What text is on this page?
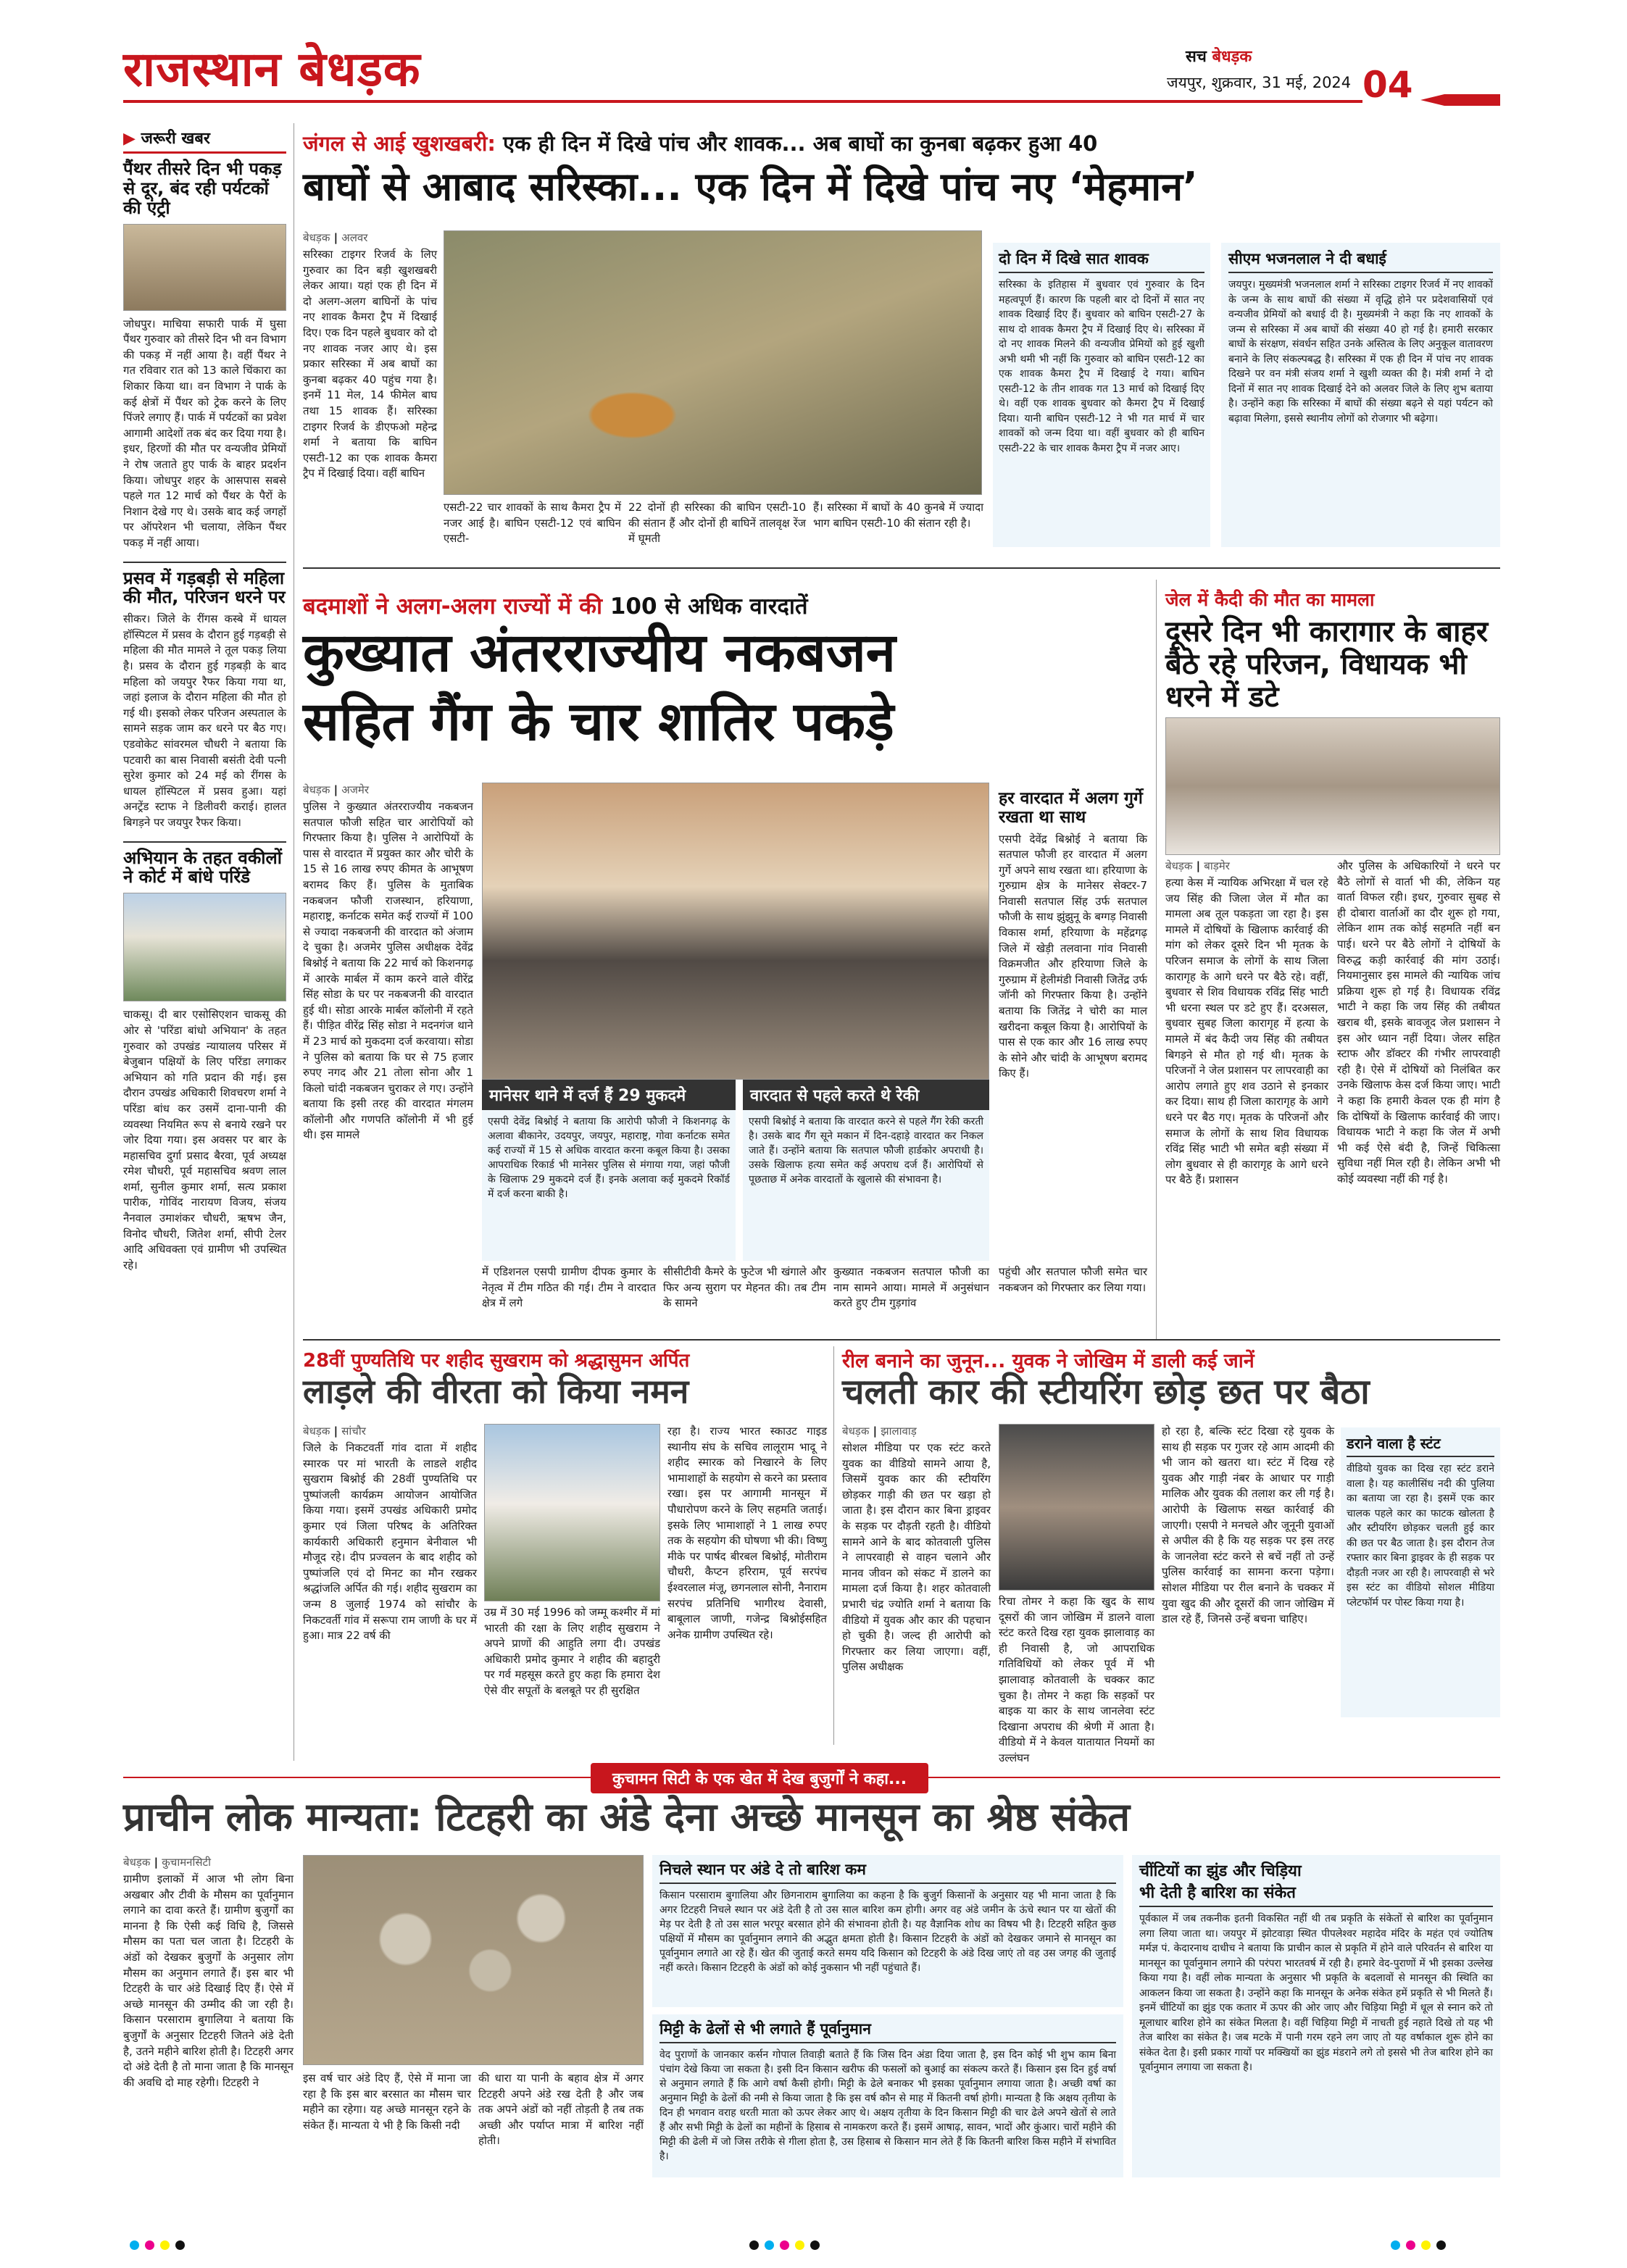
राजस्थान बेधड़क	सच बेधड़क
जयपुर, शुक्रवार, 31 मई, 2024 04
▶ जरूरी खबर
पैंथर तीसरे दिन भी पकड़ से दूर, बंद रही पर्यटकों की एंट्री
जोधपुर। माचिया सफारी पार्क में घुसा पैंथर गुरुवार को तीसरे दिन भी वन विभाग की पकड़ में नहीं आया है। वहीं पैंथर ने गत रविवार रात को 13 काले चिंकारा का शिकार किया था। वन विभाग ने पार्क के कई क्षेत्रों में पैंथर को ट्रेक करने के लिए पिंजरे लगाए हैं। पार्क में पर्यटकों का प्रवेश आगामी आदेशों तक बंद कर दिया गया है। इधर, हिरणों की मौत पर वन्यजीव प्रेमियों ने रोष जताते हुए पार्क के बाहर प्रदर्शन किया। जोधपुर शहर के आसपास सबसे पहले गत 12 मार्च को पैंथर के पैरों के निशान देखे गए थे। उसके बाद कई जगहों पर ऑपरेशन भी चलाया, लेकिन पैंथर पकड़ में नहीं आया।
प्रसव में गड़बड़ी से महिला की मौत, परिजन धरने पर
सीकर। जिले के रींगस कस्बे में धायल हॉस्पिटल में प्रसव के दौरान हुई गड़बड़ी से महिला की मौत मामले ने तूल पकड़ लिया है। प्रसव के दौरान हुई गड़बड़ी के बाद महिला को जयपुर रैफर किया गया था, जहां इलाज के दौरान महिला की मौत हो गई थी। इसको लेकर परिजन अस्पताल के सामने सड़क जाम कर धरने पर बैठ गए। एडवोकेट सांवरमल चौधरी ने बताया कि पटवारी का बास निवासी बसंती देवी पत्नी सुरेश कुमार को 24 मई को रींगस के धायल हॉस्पिटल में प्रसव हुआ। यहां अनट्रेंड स्टाफ ने डिलीवरी कराई। हालत बिगड़ने पर जयपुर रैफर किया।
अभियान के तहत वकीलों ने कोर्ट में बांधे परिंडे
चाकसू। दी बार एसोसिएशन चाकसू की ओर से 'परिंडा बांधो अभियान' के तहत गुरुवार को उपखंड न्यायालय परिसर में बेजुबान पक्षियों के लिए परिंडा लगाकर अभियान को गति प्रदान की गई। इस दौरान उपखंड अधिकारी शिवचरण शर्मा ने परिंडा बांध कर उसमें दाना-पानी की व्यवस्था नियमित रूप से बनाये रखने पर जोर दिया गया। इस अवसर पर बार के महासचिव दुर्गा प्रसाद बैरवा, पूर्व अध्यक्ष रमेश चौधरी, पूर्व महासचिव श्रवण लाल शर्मा, सुनील कुमार शर्मा, सत्य प्रकाश पारीक, गोविंद नारायण विजय, संजय नैनवाल उमाशंकर चौधरी, ऋषभ जैन, विनोद चौधरी, जितेश शर्मा, सीपी टेलर आदि अधिवक्ता एवं ग्रामीण भी उपस्थित रहे।
जंगल से आई खुशखबरी: एक ही दिन में दिखे पांच और शावक... अब बाघों का कुनबा बढ़कर हुआ 40
बाघों से आबाद सरिस्का... एक दिन में दिखे पांच नए ‘मेहमान’
बेधड़क | अलवर
सरिस्का टाइगर रिजर्व के लिए गुरुवार का दिन बड़ी खुशखबरी लेकर आया। यहां एक ही दिन में दो अलग-अलग बाघिनों के पांच नए शावक कैमरा ट्रैप में दिखाई दिए। एक दिन पहले बुधवार को दो नए शावक नजर आए थे। इस प्रकार सरिस्का में अब बाघों का कुनबा बढ़कर 40 पहुंच गया है। इनमें 11 मेल, 14 फीमेल बाघ तथा 15 शावक हैं। सरिस्का टाइगर रिजर्व के डीएफओ महेन्द्र शर्मा ने बताया कि बाघिन एसटी-12 का एक शावक कैमरा ट्रैप में दिखाई दिया। वहीं बाघिन
एसटी-22 चार शावकों के साथ कैमरा ट्रैप में नजर आई है। बाघिन एसटी-12 एवं बाघिन एसटी-
22 दोनों ही सरिस्का की बाघिन एसटी-10 की संतान हैं और दोनों ही बाघिनें तालवृक्ष रेंज में घूमती
हैं। सरिस्का में बाघों के 40 कुनबे में ज्यादा भाग बाघिन एसटी-10 की संतान रही है।
दो दिन में दिखे सात शावक
सरिस्का के इतिहास में बुधवार एवं गुरुवार के दिन महत्वपूर्ण हैं। कारण कि पहली बार दो दिनों में सात नए शावक दिखाई दिए हैं। बुधवार को बाघिन एसटी-27 के साथ दो शावक कैमरा ट्रैप में दिखाई दिए थे। सरिस्का में दो नए शावक मिलने की वन्यजीव प्रेमियों को हुई खुशी अभी थमी भी नहीं कि गुरुवार को बाघिन एसटी-12 का एक शावक कैमरा ट्रैप में दिखाई दे गया। बाघिन एसटी-12 के तीन शावक गत 13 मार्च को दिखाई दिए थे। वहीं एक शावक बुधवार को कैमरा ट्रैप में दिखाई दिया। यानी बाघिन एसटी-12 ने भी गत मार्च में चार शावकों को जन्म दिया था। वहीं बुधवार को ही बाघिन एसटी-22 के चार शावक कैमरा ट्रैप में नजर आए।
सीएम भजनलाल ने दी बधाई
जयपुर। मुख्यमंत्री भजनलाल शर्मा ने सरिस्का टाइगर रिजर्व में नए शावकों के जन्म के साथ बाघों की संख्या में वृद्धि होने पर प्रदेशवासियों एवं वन्यजीव प्रेमियों को बधाई दी है। मुख्यमंत्री ने कहा कि नए शावकों के जन्म से सरिस्का में अब बाघों की संख्या 40 हो गई है। हमारी सरकार बाघों के संरक्षण, संवर्धन सहित उनके अस्तित्व के लिए अनुकूल वातावरण बनाने के लिए संकल्पबद्ध है। सरिस्का में एक ही दिन में पांच नए शावक दिखने पर वन मंत्री संजय शर्मा ने खुशी व्यक्त की है। मंत्री शर्मा ने दो दिनों में सात नए शावक दिखाई देने को अलवर जिले के लिए शुभ बताया है। उन्होंने कहा कि सरिस्का में बाघों की संख्या बढ़ने से यहां पर्यटन को बढ़ावा मिलेगा, इससे स्थानीय लोगों को रोजगार भी बढ़ेगा।
बदमाशों ने अलग-अलग राज्यों में की 100 से अधिक वारदातें
कुख्यात अंतरराज्यीय नकबजन
सहित गैंग के चार शातिर पकड़े
बेधड़क | अजमेर
पुलिस ने कुख्यात अंतरराज्यीय नकबजन सतपाल फौजी सहित चार आरोपियों को गिरफ्तार किया है। पुलिस ने आरोपियों के पास से वारदात में प्रयुक्त कार और चोरी के 15 से 16 लाख रुपए कीमत के आभूषण बरामद किए हैं। पुलिस के मुताबिक नकबजन फौजी राजस्थान, हरियाणा, महाराष्ट्र, कर्नाटक समेत कई राज्यों में 100 से ज्यादा नकबजनी की वारदात को अंजाम दे चुका है। अजमेर पुलिस अधीक्षक देवेंद्र बिश्नोई ने बताया कि 22 मार्च को किशनगढ़ में आरके मार्बल में काम करने वाले वीरेंद्र सिंह सोडा के घर पर नकबजनी की वारदात हुई थी। सोडा आरके मार्बल कॉलोनी में रहते हैं। पीड़ित वीरेंद्र सिंह सोडा ने मदनगंज थाने में 23 मार्च को मुकदमा दर्ज करवाया। सोडा ने पुलिस को बताया कि घर से 75 हजार रुपए नगद और 21 तोला सोना और 1 किलो चांदी नकबजन चुराकर ले गए। उन्होंने बताया कि इसी तरह की वारदात मंगलम कॉलोनी और गणपति कॉलोनी में भी हुई थी। इस मामले
हर वारदात में अलग गुर्गे रखता था साथ
एसपी देवेंद्र बिश्नोई ने बताया कि सतपाल फौजी हर वारदात में अलग गुर्गे अपने साथ रखता था। हरियाणा के गुरुग्राम क्षेत्र के मानेसर सेक्टर-7 निवासी सतपाल सिंह उर्फ सतपाल फौजी के साथ झुंझुनू के बग्गड़ निवासी विकास शर्मा, हरियाणा के महेंद्रगढ़ जिले में खेड़ी तलवाना गांव निवासी विक्रमजीत और हरियाणा जिले के गुरुग्राम में हेलीमंडी निवासी जितेंद्र उर्फ जॉनी को गिरफ्तार किया है। उन्होंने बताया कि जितेंद्र ने चोरी का माल खरीदना कबूल किया है। आरोपियों के पास से एक कार और 16 लाख रुपए के सोने और चांदी के आभूषण बरामद किए हैं।
मानेसर थाने में दर्ज हैं 29 मुकदमे
एसपी देवेंद्र बिश्नोई ने बताया कि आरोपी फौजी ने किशनगढ़ के अलावा बीकानेर, उदयपुर, जयपुर, महाराष्ट्र, गोवा कर्नाटक समेत कई राज्यों में 15 से अधिक वारदात करना कबूल किया है। उसका आपराधिक रिकार्ड भी मानेसर पुलिस से मंगाया गया, जहां फौजी के खिलाफ 29 मुकदमे दर्ज हैं। इनके अलावा कई मुकदमे रिकॉर्ड में दर्ज करना बाकी है।
वारदात से पहले करते थे रेकी
एसपी बिश्नोई ने बताया कि वारदात करने से पहले गैंग रेकी करती है। उसके बाद गैंग सूने मकान में दिन-दहाड़े वारदात कर निकल जाते हैं। उन्होंने बताया कि सतपाल फौजी हार्डकोर अपराधी है। उसके खिलाफ हत्या समेत कई अपराध दर्ज हैं। आरोपियों से पूछताछ में अनेक वारदातों के खुलासे की संभावना है।
में एडिशनल एसपी ग्रामीण दीपक कुमार के नेतृत्व में टीम गठित की गई। टीम ने वारदात क्षेत्र में लगे
सीसीटीवी कैमरे के फुटेज भी खंगाले और फिर अन्य सुराग पर मेहनत की। तब टीम के सामने
कुख्यात नकबजन सतपाल फौजी का नाम सामने आया। मामले में अनुसंधान करते हुए टीम गुड़गांव
पहुंची और सतपाल फौजी समेत चार नकबजन को गिरफ्तार कर लिया गया।
जेल में कैदी की मौत का मामला
दूसरे दिन भी कारागार के बाहर बैठे रहे परिजन, विधायक भी धरने में डटे
बेधड़क | बाड़मेर
हत्या केस में न्यायिक अभिरक्षा में चल रहे जय सिंह की जिला जेल में मौत का मामला अब तूल पकड़ता जा रहा है। इस मामले में दोषियों के खिलाफ कार्रवाई की मांग को लेकर दूसरे दिन भी मृतक के परिजन समाज के लोगों के साथ जिला कारागृह के आगे धरने पर बैठे रहे। वहीं, बुधवार से शिव विधायक रविंद्र सिंह भाटी भी धरना स्थल पर डटे हुए हैं। दरअसल, बुधवार सुबह जिला कारागृह में हत्या के मामले में बंद कैदी जय सिंह की तबीयत बिगड़ने से मौत हो गई थी। मृतक के परिजनों ने जेल प्रशासन पर लापरवाही का आरोप लगाते हुए शव उठाने से इनकार कर दिया। साथ ही जिला कारागृह के आगे धरने पर बैठ गए। मृतक के परिजनों और समाज के लोगों के साथ शिव विधायक रविंद्र सिंह भाटी भी समेत बड़ी संख्या में लोग बुधवार से ही कारागृह के आगे धरने पर बैठे हैं। प्रशासन
और पुलिस के अधिकारियों ने धरने पर बैठे लोगों से वार्ता भी की, लेकिन यह वार्ता विफल रही। इधर, गुरुवार सुबह से ही दोबारा वार्ताओं का दौर शुरू हो गया, लेकिन शाम तक कोई सहमति नहीं बन पाई। धरने पर बैठे लोगों ने दोषियों के विरुद्ध कड़ी कार्रवाई की मांग उठाई। नियमानुसार इस मामले की न्यायिक जांच प्रक्रिया शुरू हो गई है। विधायक रविंद्र भाटी ने कहा कि जय सिंह की तबीयत खराब थी, इसके बावजूद जेल प्रशासन ने इस ओर ध्यान नहीं दिया। जेलर सहित स्टाफ और डॉक्टर की गंभीर लापरवाही रही है। ऐसे में दोषियों को निलंबित कर उनके खिलाफ केस दर्ज किया जाए। भाटी ने कहा कि हमारी केवल एक ही मांग है कि दोषियों के खिलाफ कार्रवाई की जाए। विधायक भाटी ने कहा कि जेल में अभी भी कई ऐसे बंदी है, जिन्हें चिकित्सा सुविधा नहीं मिल रही है। लेकिन अभी भी कोई व्यवस्था नहीं की गई है।
28वीं पुण्यतिथि पर शहीद सुखराम को श्रद्धासुमन अर्पित
लाड़ले की वीरता को किया नमन
बेधड़क | सांचौर
जिले के निकटवर्ती गांव दाता में शहीद स्मारक पर मां भारती के लाडले शहीद सुखराम बिश्नोई की 28वीं पुण्यतिथि पर पुष्पांजली कार्यक्रम आयोजन आयोजित किया गया। इसमें उपखंड अधिकारी प्रमोद कुमार एवं जिला परिषद के अतिरिक्त कार्यकारी अधिकारी हनुमान बेनीवाल भी मौजूद रहे। दीप प्रज्वलन के बाद शहीद को पुष्पांजलि एवं दो मिनट का मौन रखकर श्रद्धांजलि अर्पित की गई। शहीद सुखराम का जन्म 8 जुलाई 1974 को सांचौर के निकटवर्ती गांव में सरूपा राम जाणी के घर में हुआ। मात्र 22 वर्ष की
उम्र में 30 मई 1996 को जम्मू कश्मीर में मां भारती की रक्षा के लिए शहीद सुखराम ने अपने प्राणों की आहुति लगा दी। उपखंड अधिकारी प्रमोद कुमार ने शहीद की बहादुरी पर गर्व महसूस करते हुए कहा कि हमारा देश ऐसे वीर सपूतों के बलबूते पर ही सुरक्षित
रहा है। राज्य भारत स्काउट गाइड स्थानीय संघ के सचिव लालूराम भादू ने शहीद स्मारक को निखारने के लिए भामाशाहों के सहयोग से करने का प्रस्ताव रखा। इस पर आगामी मानसून में पौधारोपण करने के लिए सहमति जताई। इसके लिए भामाशाहों ने 1 लाख रुपए तक के सहयोग की घोषणा भी की। विष्णु मीके पर पार्षद बीरबल बिश्नोई, मोतीराम चौधरी, कैप्टन हरिराम, पूर्व सरपंच ईश्वरलाल मंजू, छगनलाल सोनी, नैनाराम सरपंच प्रतिनिधि भागीरथ देवासी, बाबूलाल जाणी, गजेन्द्र बिश्नोईसहित अनेक ग्रामीण उपस्थित रहे।
रील बनाने का जुनून... युवक ने जोखिम में डाली कई जानें
चलती कार की स्टीयरिंग छोड़ छत पर बैठा
बेधड़क | झालावाड़
सोशल मीडिया पर एक स्टंट करते युवक का वीडियो सामने आया है, जिसमें युवक कार की स्टीयरिंग छोड़कर गाड़ी की छत पर खड़ा हो जाता है। इस दौरान कार बिना ड्राइवर के सड़क पर दौड़ती रहती है। वीडियो सामने आने के बाद कोतवाली पुलिस ने लापरवाही से वाहन चलाने और मानव जीवन को संकट में डालने का मामला दर्ज किया है। शहर कोतवाली प्रभारी चंद्र ज्योति शर्मा ने बताया कि वीडियो में युवक और कार की पहचान हो चुकी है। जल्द ही आरोपी को गिरफ्तार कर लिया जाएगा। वहीं, पुलिस अधीक्षक
रिचा तोमर ने कहा कि खुद के साथ दूसरों की जान जोखिम में डालने वाला स्टंट करते दिख रहा युवक झालावाड़ का ही निवासी है, जो आपराधिक गतिविधियों को लेकर पूर्व में भी झालावाड़ कोतवाली के चक्कर काट चुका है। तोमर ने कहा कि सड़कों पर बाइक या कार के साथ जानलेवा स्टंट दिखाना अपराध की श्रेणी में आता है। वीडियो में ने केवल यातायात नियमों का उल्लंघन
हो रहा है, बल्कि स्टंट दिखा रहे युवक के साथ ही सड़क पर गुजर रहे आम आदमी की भी जान को खतरा था। स्टंट में दिख रहे युवक और गाड़ी नंबर के आधार पर गाड़ी मालिक और युवक की तलाश कर ली गई है। आरोपी के खिलाफ सख्त कार्रवाई की जाएगी। एसपी ने मनचले और जूनूनी युवाओं से अपील की है कि यह सड़क पर इस तरह के जानलेवा स्टंट करने से बचें नहीं तो उन्हें पुलिस कार्रवाई का सामना करना पड़ेगा। सोशल मीडिया पर रील बनाने के चक्कर में युवा खुद की और दूसरों की जान जोखिम में डाल रहे हैं, जिनसे उन्हें बचना चाहिए।
डराने वाला है स्टंट
वीडियो युवक का दिख रहा स्टंट डराने वाला है। यह कालीसिंध नदी की पुलिया का बताया जा रहा है। इसमें एक कार चालक पहले कार का फाटक खोलता है और स्टीयरिंग छोड़कर चलती हुई कार की छत पर बैठ जाता है। इस दौरान तेज रफ्तार कार बिना ड्राइवर के ही सड़क पर दौड़ती नजर आ रही है। लापरवाही से भरे इस स्टंट का वीडियो सोशल मीडिया प्लेटफॉर्म पर पोस्ट किया गया है।
कुचामन सिटी के एक खेत में देख बुजुर्गों ने कहा...
प्राचीन लोक मान्यता: टिटहरी का अंडे देना अच्छे मानसून का श्रेष्ठ संकेत
बेधड़क | कुचामनसिटी
ग्रामीण इलाकों में आज भी लोग बिना अखबार और टीवी के मौसम का पूर्वानुमान लगाने का दावा करते हैं। ग्रामीण बुजुर्गों का मानना है कि ऐसी कई विधि है, जिससे मौसम का पता चल जाता है। टिटहरी के अंडों को देखकर बुजुर्गों के अनुसार लोग मौसम का अनुमान लगाते हैं। इस बार भी टिटहरी के चार अंडे दिखाई दिए हैं। ऐसे में अच्छे मानसून की उम्मीद की जा रही है। किसान परसाराम बुगालिया ने बताया कि बुजुर्गों के अनुसार टिटहरी जितने अंडे देती है, उतने महीने बारिश होती है। टिटहरी अगर दो अंडे देती है तो माना जाता है कि मानसून की अवधि दो माह रहेगी। टिटहरी ने	इस वर्ष चार अंडे दिए हैं, ऐसे में माना जा रहा है कि इस बार बरसात का मौसम चार महीने का रहेगा। यह अच्छे मानसून रहने के संकेत हैं। मान्यता ये भी है कि किसी नदी
की धारा या पानी के बहाव क्षेत्र में अगर टिटहरी अपने अंडे रख देती है और जब तक अपने अंडों को नहीं तोड़ती है तब तक अच्छी और पर्याप्त मात्रा में बारिश नहीं होती।
निचले स्थान पर अंडे दे तो बारिश कम
किसान परसाराम बुगालिया और छिगनाराम बुगालिया का कहना है कि बुजुर्ग किसानों के अनुसार यह भी माना जाता है कि अगर टिटहरी निचले स्थान पर अंडे देती है तो उस साल बारिश कम होगी। अगर वह अंडे जमीन के ऊंचे स्थान पर या खेतों की मेड़ पर देती है तो उस साल भरपूर बरसात होने की संभावना होती है। यह वैज्ञानिक शोध का विषय भी है। टिटहरी सहित कुछ पक्षियों में मौसम का पूर्वानुमान लगाने की अद्भुत क्षमता होती है। किसान टिटहरी के अंडों को देखकर जमाने से मानसून का पूर्वानुमान लगाते आ रहे हैं। खेत की जुताई करते समय यदि किसान को टिटहरी के अंडे दिख जाएं तो वह उस जगह की जुताई नहीं करते। किसान टिटहरी के अंडों को कोई नुकसान भी नहीं पहुंचाते हैं।
मिट्टी के ढेलों से भी लगाते हैं पूर्वानुमान
वेद पुराणों के जानकार कर्सन गोपाल तिवाड़ी बताते हैं कि जिस दिन अंडा दिया जाता है, इस दिन कोई भी शुभ काम बिना पंचांग देखे किया जा सकता है। इसी दिन किसान खरीफ की फसलों को बुआई का संकल्प करते हैं। किसान इस दिन हुई वर्षा से अनुमान लगाते हैं कि आगे वर्षा कैसी होगी। मिट्टी के ढेले बनाकर भी इसका पूर्वानुमान लगाया जाता है। अच्छी वर्षा का अनुमान मिट्टी के ढेलों की नमी से किया जाता है कि इस वर्ष कौन से माह में कितनी वर्षा होगी। मान्यता है कि अक्षय तृतीया के दिन ही भगवान वराह धरती माता को ऊपर लेकर आए थे। अक्षय तृतीया के दिन किसान मिट्टी की चार ढेले अपने खेतों से लाते हैं और सभी मिट्टी के ढेलों का महीनों के हिसाब से नामकरण करते हैं। इसमें आषाढ़, सावन, भादों और कुंआर। चारों महीने की मिट्टी की ढेली में जो जिस तरीके से गीला होता है, उस हिसाब से किसान मान लेते हैं कि कितनी बारिश किस महीने में संभावित है।
चींटियों का झुंड और चिड़िया
भी देती है बारिश का संकेत
पूर्वकाल में जब तकनीक इतनी विकसित नहीं थी तब प्रकृति के संकेतों से बारिश का पूर्वानुमान लगा लिया जाता था। जयपुर में झोटवाड़ा स्थित पीपलेश्वर महादेव मंदिर के महंत एवं ज्योतिष मर्मज्ञ पं. केदारनाथ दाधीच ने बताया कि प्राचीन काल से प्रकृति में होने वाले परिवर्तन से बारिश या मानसून का पूर्वानुमान लगाने की परंपरा भारतवर्ष में रही है। हमारे वेद-पुराणों में भी इसका उल्लेख किया गया है। वहीं लोक मान्यता के अनुसार भी प्रकृति के बदलावों से मानसून की स्थिति का आकलन किया जा सकता है। उन्होंने कहा कि मानसून के अनेक संकेत हमें प्रकृति से भी मिलते हैं। इनमें चींटियों का झुंड एक कतार में ऊपर की ओर जाए और चिड़िया मिट्टी में धूल से स्नान करे तो मूलाधार बारिश होने का संकेत मिलता है। वहीं चिड़िया मिट्टी में नाचती हुई नहाते दिखे तो यह भी तेज बारिश का संकेत है। जब मटके में पानी गरम रहने लग जाए तो यह वर्षाकाल शुरू होने का संकेत देता है। इसी प्रकार गायों पर मक्खियों का झुंड मंडराने लगे तो इससे भी तेज बारिश होने का पूर्वानुमान लगाया जा सकता है।
